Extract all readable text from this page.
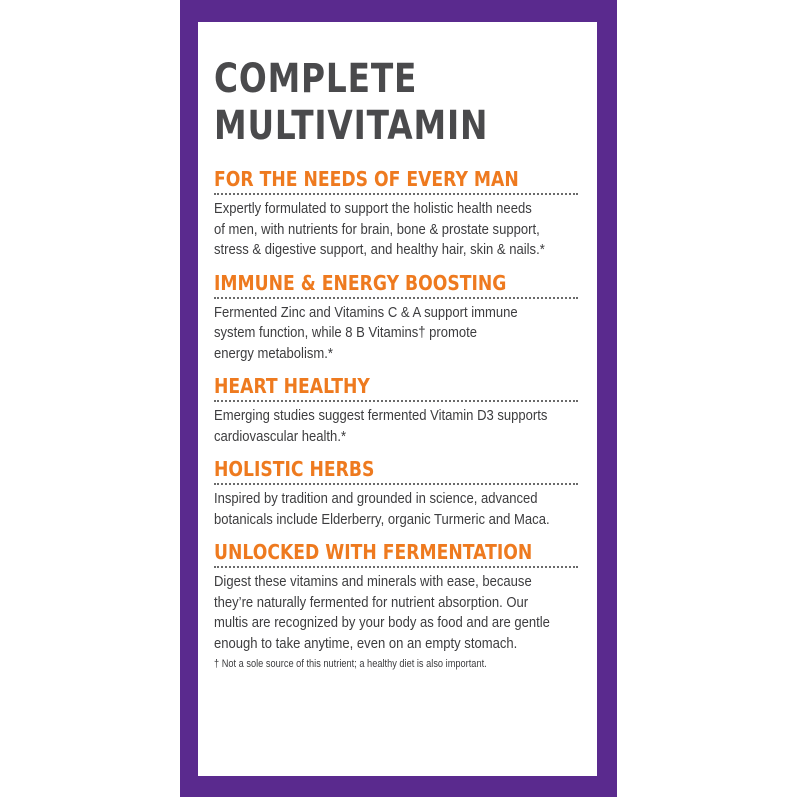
COMPLETE
MULTIVITAMIN
FOR THE NEEDS OF EVERY MAN
Expertly formulated to support the holistic health needs
of men, with nutrients for brain, bone & prostate support,
stress & digestive support, and healthy hair, skin & nails.*
IMMUNE & ENERGY BOOSTING
Fermented Zinc and Vitamins C & A support immune
system function, while 8 B Vitamins† promote
energy metabolism.*
HEART HEALTHY
Emerging studies suggest fermented Vitamin D3 supports
cardiovascular health.*
HOLISTIC HERBS
Inspired by tradition and grounded in science, advanced
botanicals include Elderberry, organic Turmeric and Maca.
UNLOCKED WITH FERMENTATION
Digest these vitamins and minerals with ease, because
they’re naturally fermented for nutrient absorption. Our
multis are recognized by your body as food and are gentle
enough to take anytime, even on an empty stomach.
† Not a sole source of this nutrient; a healthy diet is also important.
